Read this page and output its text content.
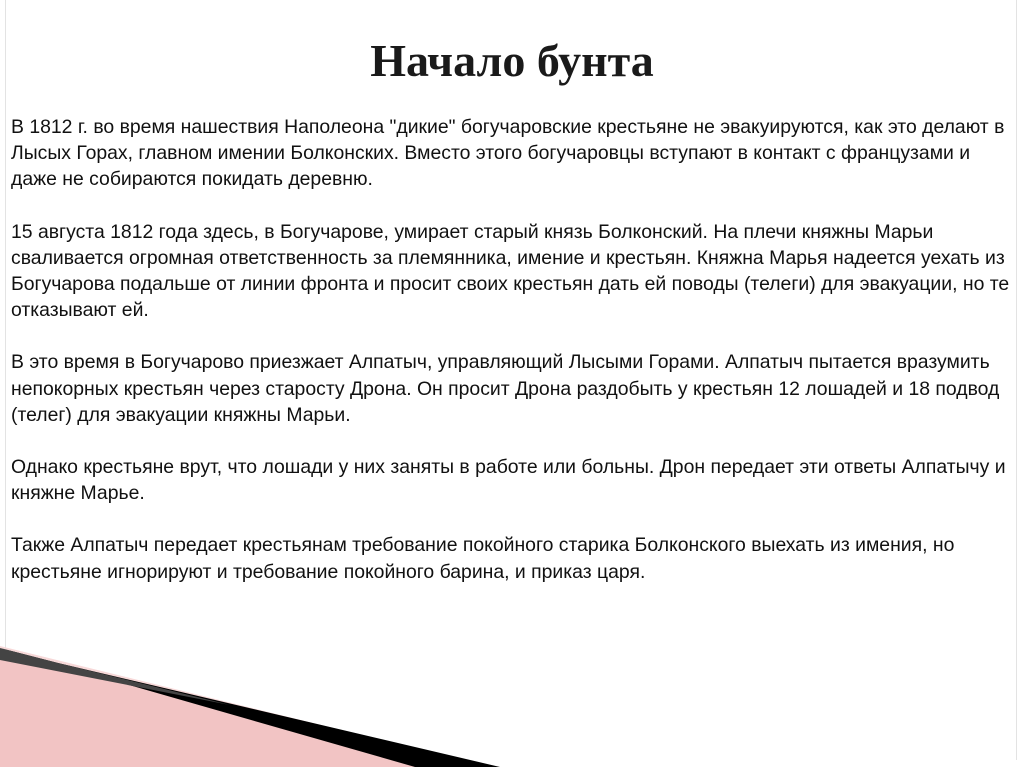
Начало бунта

В 1812 г. во время нашествия Наполеона "дикие" богучаровские крестьяне не эвакуируются, как это делают в Лысых Горах, главном имении Болконских. Вместо этого богучаровцы вступают в контакт с французами и даже не собираются покидать деревню.

15 августа 1812 года здесь, в Богучарове, умирает старый князь Болконский. На плечи княжны Марьи сваливается огромная ответственность за племянника, имение и крестьян. Княжна Марья надеется уехать из Богучарова подальше от линии фронта и просит своих крестьян дать ей поводы (телеги) для эвакуации, но те отказывают ей.

В это время в Богучарово приезжает Алпатыч, управляющий Лысыми Горами. Алпатыч пытается вразумить непокорных крестьян через старосту Дрона. Он просит Дрона раздобыть у крестьян 12 лошадей и 18 подвод (телег) для эвакуации княжны Марьи.

Однако крестьяне врут, что лошади у них заняты в работе или больны. Дрон передает эти ответы Алпатычу и княжне Марье.

Также Алпатыч передает крестьянам требование покойного старика Болконского выехать из имения, но крестьяне игнорируют и требование покойного барина, и приказ царя.
